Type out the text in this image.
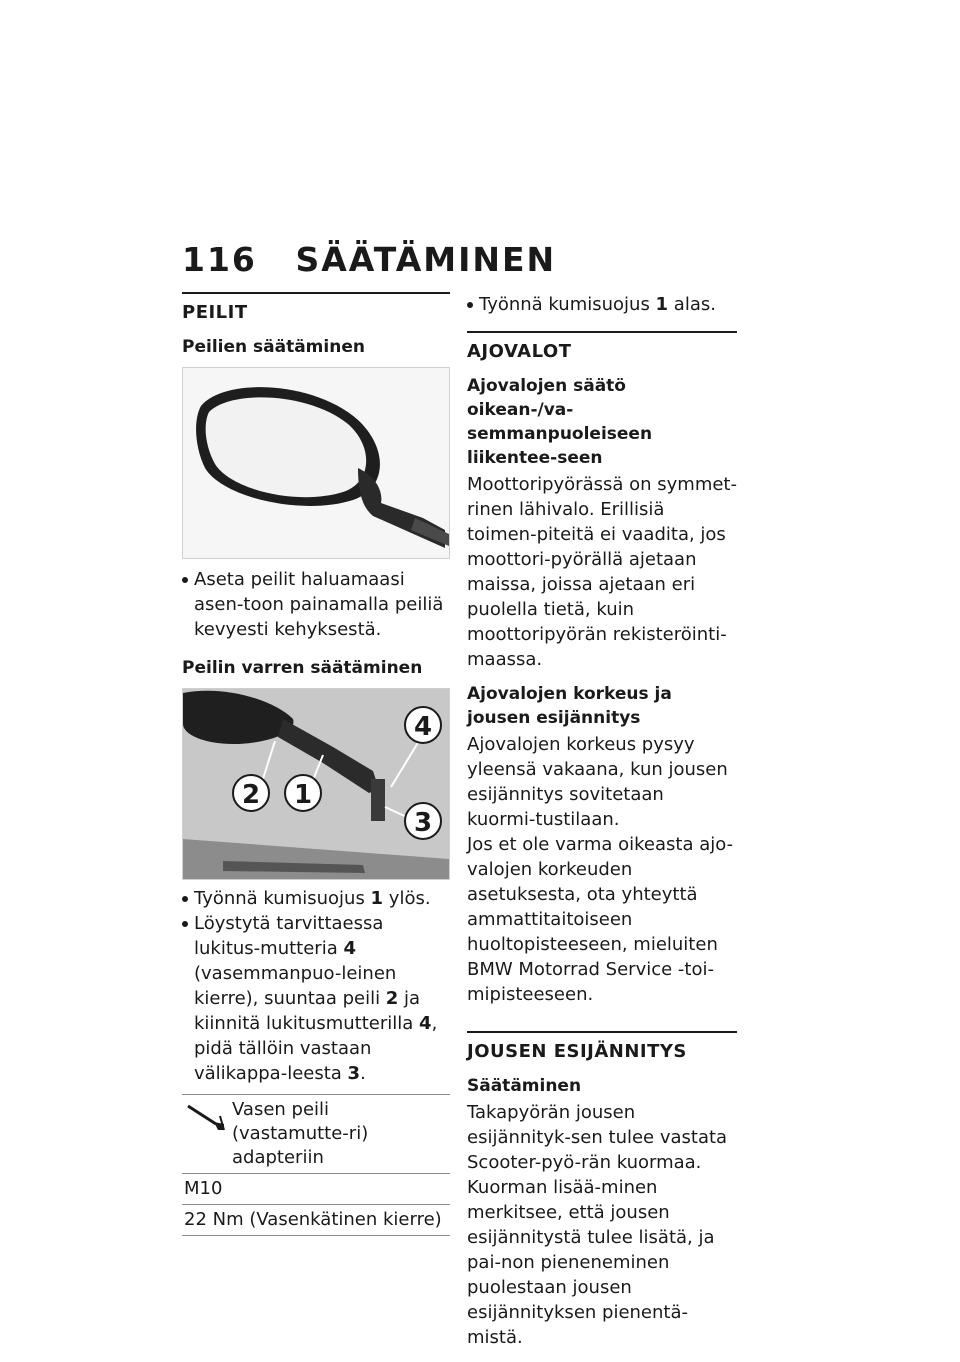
116 SÄÄTÄMINEN
PEILIT
Peilien säätäminen
Aseta peilit haluamaasi asen-toon painamalla peiliä kevyesti kehyksestä.
Peilin varren säätäminen
2 1
4
3
Työnnä kumisuojus 1 ylös.
Löystytä tarvittaessa lukitus-mutteria 4 (vasemmanpuo-leinen kierre), suuntaa peili 2 ja kiinnitä lukitusmutterilla 4, pidä tällöin vastaan välikappa-leesta 3.
Vasen peili (vastamutte-ri) adapteriin

M10
22 Nm (Vasenkätinen kierre)
Työnnä kumisuojus 1 alas.
AJOVALOT
Ajovalojen säätö oikean-/va-semmanpuoleiseen liikentee-seen
Moottoripyörässä on symmet-rinen lähivalo. Erillisiä toimen-piteitä ei vaadita, jos moottori-pyörällä ajetaan maissa, joissa ajetaan eri puolella tietä, kuin moottoripyörän rekisteröinti-maassa.
Ajovalojen korkeus ja jousen esijännitys
Ajovalojen korkeus pysyy yleensä vakaana, kun jousen esijännitys sovitetaan kuormi-tustilaan.
Jos et ole varma oikeasta ajo-valojen korkeuden asetuksesta, ota yhteyttä ammattitaitoiseen huoltopisteeseen, mieluiten BMW Motorrad Service -toi-mipisteeseen.
JOUSEN ESIJÄNNITYS
Säätäminen
Takapyörän jousen esijännityk-sen tulee vastata Scooter-pyö-rän kuormaa. Kuorman lisää-minen merkitsee, että jousen esijännitystä tulee lisätä, ja pai-non pieneneminen puolestaan jousen esijännityksen pienentä-mistä.
